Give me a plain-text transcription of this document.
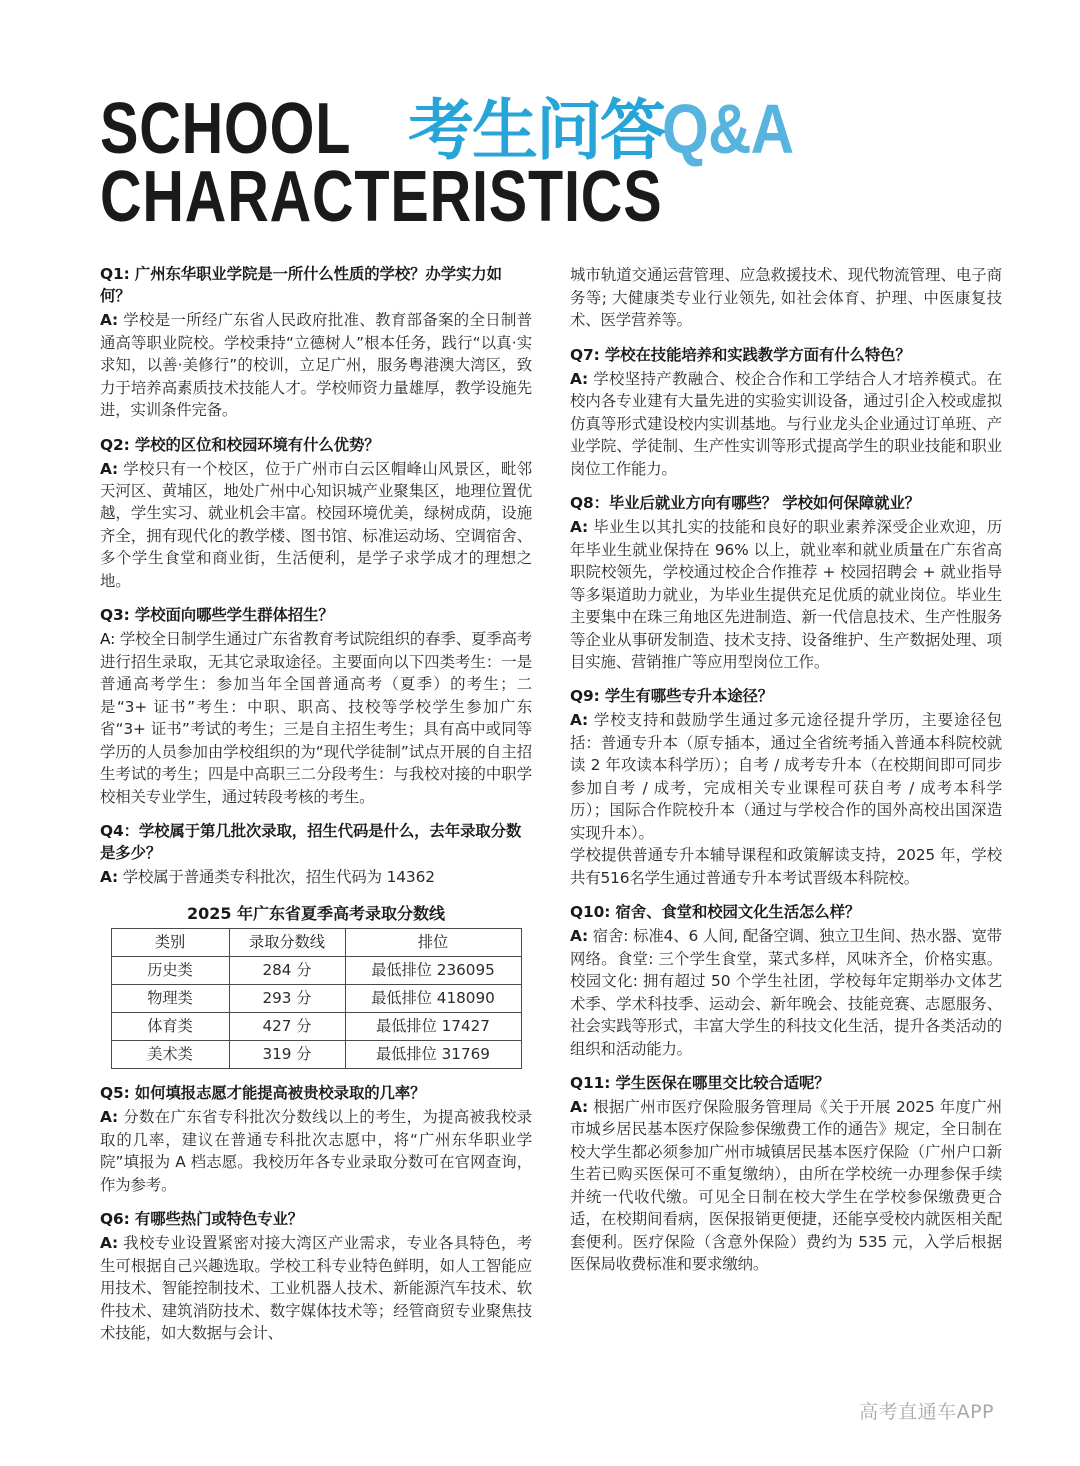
SCHOOL 考生问答Q&A
CHARACTERISTICS

Q1: 广州东华职业学院是一所什么性质的学校？办学实力如何？

A: 学校是一所经广东省人民政府批准、教育部备案的全日制普通高等职业院校。学校秉持“立德树人”根本任务，践行“以真·实求知，以善·美修行”的校训，立足广州，服务粤港澳大湾区，致力于培养高素质技术技能人才。学校师资力量雄厚，教学设施先进，实训条件完备。

Q2: 学校的区位和校园环境有什么优势？

A: 学校只有一个校区，位于广州市白云区帽峰山风景区，毗邻天河区、黄埔区，地处广州中心知识城产业聚集区，地理位置优越，学生实习、就业机会丰富。校园环境优美，绿树成荫，设施齐全，拥有现代化的教学楼、图书馆、标准运动场、空调宿舍、多个学生食堂和商业街，生活便利，是学子求学成才的理想之地。

Q3: 学校面向哪些学生群体招生？

A: 学校全日制学生通过广东省教育考试院组织的春季、夏季高考进行招生录取，无其它录取途径。主要面向以下四类考生：一是普通高考学生：参加当年全国普通高考（夏季）的考生；二是“3+ 证书”考生：中职、职高、技校等学校学生参加广东省“3+ 证书”考试的考生；三是自主招生考生；具有高中或同等学历的人员参加由学校组织的为“现代学徒制”试点开展的自主招生考试的考生；四是中高职三二分段考生：与我校对接的中职学校相关专业学生，通过转段考核的考生。

Q4：学校属于第几批次录取，招生代码是什么，去年录取分数是多少？

A: 学校属于普通类专科批次，招生代码为 14362

2025 年广东省夏季高考录取分数线
类别	录取分数线	排位
历史类	284 分	最低排位 236095
物理类	293 分	最低排位 418090
体育类	427 分	最低排位 17427
美术类	319 分	最低排位 31769

Q5: 如何填报志愿才能提高被贵校录取的几率？

A: 分数在广东省专科批次分数线以上的考生，为提高被我校录取的几率，建议在普通专科批次志愿中，将“广州东华职业学院”填报为 A 档志愿。我校历年各专业录取分数可在官网查询，作为参考。

Q6: 有哪些热门或特色专业？

A: 我校专业设置紧密对接大湾区产业需求，专业各具特色，考生可根据自己兴趣选取。学校工科专业特色鲜明，如人工智能应用技术、智能控制技术、工业机器人技术、新能源汽车技术、软件技术、建筑消防技术、数字媒体技术等；经管商贸专业聚焦技术技能，如大数据与会计、

城市轨道交通运营管理、应急救援技术、现代物流管理、电子商务等; 大健康类专业行业领先, 如社会体育、护理、中医康复技术、医学营养等。

Q7: 学校在技能培养和实践教学方面有什么特色？

A: 学校坚持产教融合、校企合作和工学结合人才培养模式。在校内各专业建有大量先进的实验实训设备，通过引企入校或虚拟仿真等形式建设校内实训基地。与行业龙头企业通过订单班、产业学院、学徒制、生产性实训等形式提高学生的职业技能和职业岗位工作能力。

Q8：毕业后就业方向有哪些？ 学校如何保障就业？

A: 毕业生以其扎实的技能和良好的职业素养深受企业欢迎，历年毕业生就业保持在 96% 以上，就业率和就业质量在广东省高职院校领先，学校通过校企合作推荐 + 校园招聘会 + 就业指导等多渠道助力就业，为毕业生提供充足优质的就业岗位。毕业生主要集中在珠三角地区先进制造、新一代信息技术、生产性服务等企业从事研发制造、技术支持、设备维护、生产数据处理、项目实施、营销推广等应用型岗位工作。

Q9: 学生有哪些专升本途径？

A: 学校支持和鼓励学生通过多元途径提升学历，主要途径包括：普通专升本（原专插本，通过全省统考插入普通本科院校就读 2 年攻读本科学历）；自考 / 成考专升本（在校期间即可同步参加自考 / 成考，完成相关专业课程可获自考 / 成考本科学历）；国际合作院校升本（通过与学校合作的国外高校出国深造实现升本）。

学校提供普通专升本辅导课程和政策解读支持，2025 年，学校共有516名学生通过普通专升本考试晋级本科院校。

Q10: 宿舍、食堂和校园文化生活怎么样？

A: 宿舍: 标准4、6 人间, 配备空调、独立卫生间、热水器、宽带网络。食堂: 三个学生食堂，菜式多样，风味齐全，价格实惠。校园文化: 拥有超过 50 个学生社团，学校每年定期举办文体艺术季、学术科技季、运动会、新年晚会、技能竞赛、志愿服务、社会实践等形式，丰富大学生的科技文化生活，提升各类活动的组织和活动能力。

Q11: 学生医保在哪里交比较合适呢？

A: 根据广州市医疗保险服务管理局《关于开展 2025 年度广州市城乡居民基本医疗保险参保缴费工作的通告》规定，全日制在校大学生都必须参加广州市城镇居民基本医疗保险（广州户口新生若已购买医保可不重复缴纳），由所在学校统一办理参保手续并统一代收代缴。可见全日制在校大学生在学校参保缴费更合适，在校期间看病，医保报销更便捷，还能享受校内就医相关配套便利。医疗保险（含意外保险）费约为 535 元，入学后根据医保局收费标准和要求缴纳。

高考直通车APP
